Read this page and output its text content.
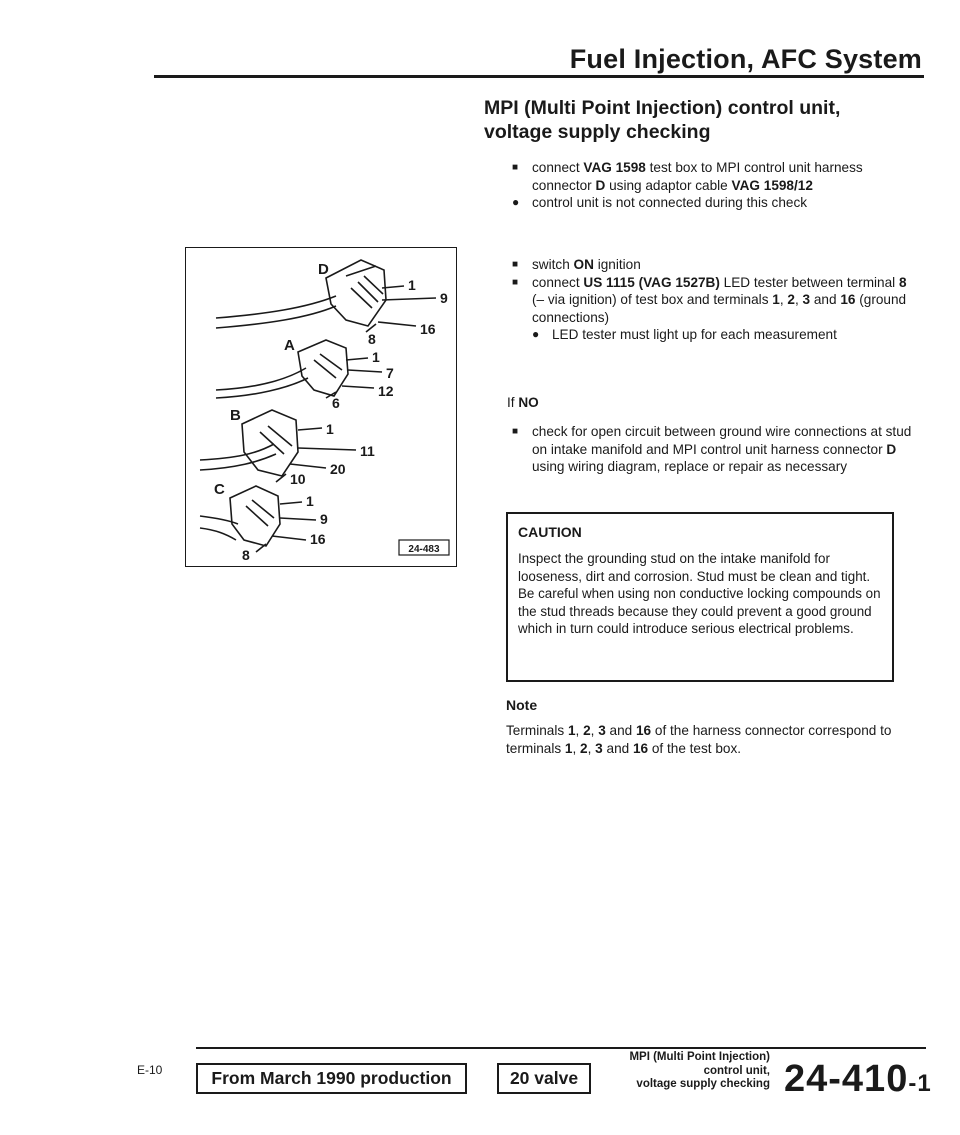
Fuel Injection, AFC System
MPI (Multi Point Injection) control unit, voltage supply checking
■	connect VAG 1598 test box to MPI control unit harness connector D using adaptor cable VAG 1598/12
● control unit is not connected during this check
■	switch ON ignition
■	connect US 1115 (VAG 1527B) LED tester between terminal 8 (– via ignition) of test box and terminals 1, 2, 3 and 16 (ground connections)
● LED tester must light up for each measurement
If NO
■	check for open circuit between ground wire connections at stud on intake manifold and MPI control unit harness connector D using wiring diagram, replace or repair as necessary
CAUTION
Inspect the grounding stud on the intake manifold for looseness, dirt and corrosion. Stud must be clean and tight. Be careful when using non conductive locking compounds on the stud threads because they could prevent a good ground which in turn could introduce serious electrical problems.
Note
Terminals 1, 2, 3 and 16 of the harness connector correspond to terminals 1, 2, 3 and 16 of the test box.
D
1
9
16
8
A
1
7
12
6
B
1
11
20
10
C
1
9
16
8	24-483
E-10	From March 1990 production	20 valve
MPI (Multi Point Injection)
control unit,
voltage supply checking 24-410-1
